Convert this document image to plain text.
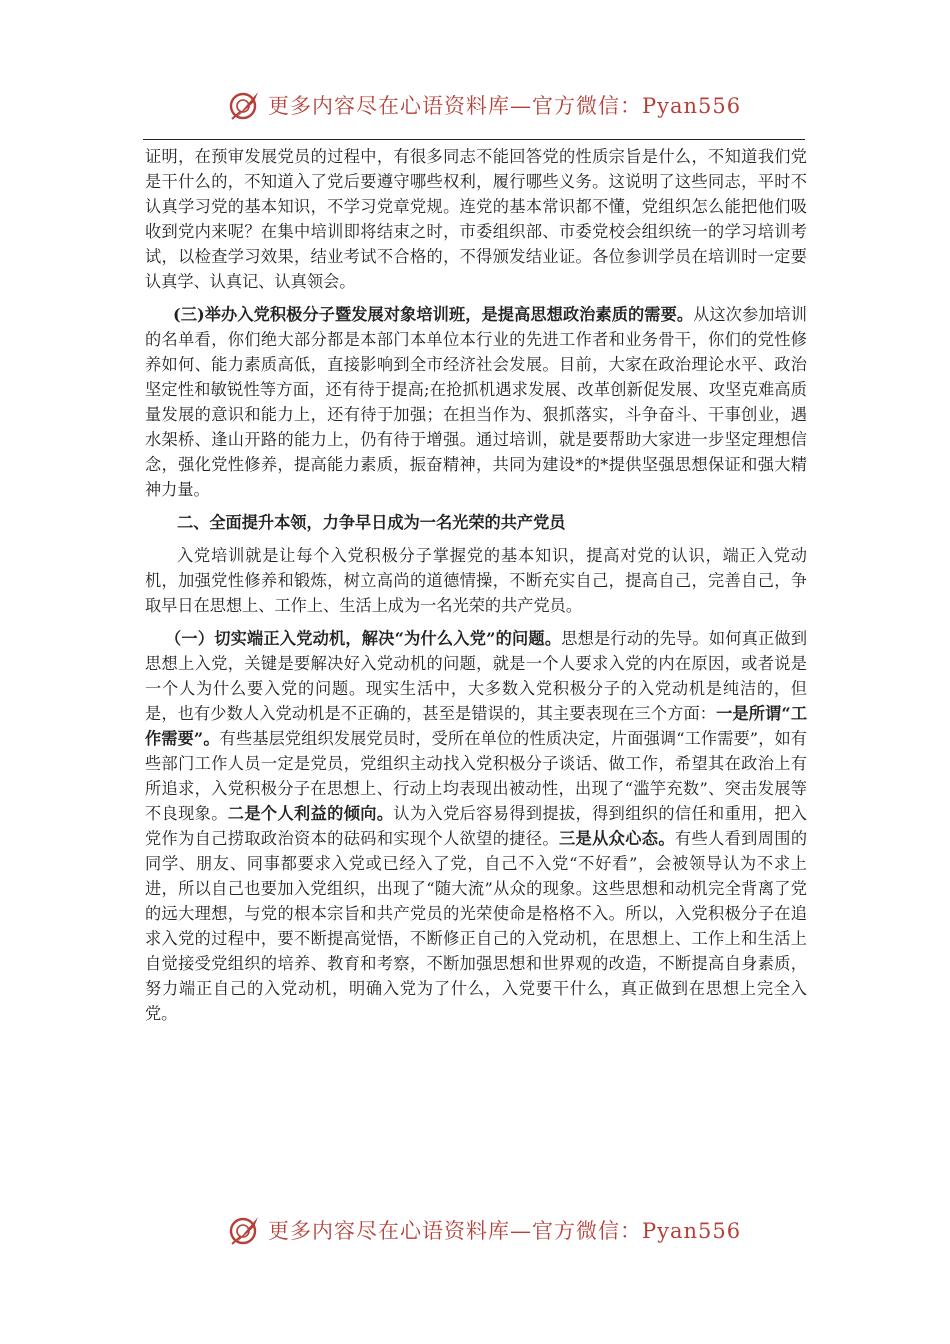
更多内容尽在心语资料库—官方微信：Pyan556

证明，在预审发展党员的过程中，有很多同志不能回答党的性质宗旨是什么，不知道我们党是干什么的，不知道入了党后要遵守哪些权利，履行哪些义务。这说明了这些同志，平时不认真学习党的基本知识，不学习党章党规。连党的基本常识都不懂，党组织怎么能把他们吸收到党内来呢？在集中培训即将结束之时，市委组织部、市委党校会组织统一的学习培训考试，以检查学习效果，结业考试不合格的，不得颁发结业证。各位参训学员在培训时一定要认真学、认真记、认真领会。

(三)举办入党积极分子暨发展对象培训班，是提高思想政治素质的需要。从这次参加培训的名单看，你们绝大部分都是本部门本单位本行业的先进工作者和业务骨干，你们的党性修养如何、能力素质高低，直接影响到全市经济社会发展。目前，大家在政治理论水平、政治坚定性和敏锐性等方面，还有待于提高;在抢抓机遇求发展、改革创新促发展、攻坚克难高质量发展的意识和能力上，还有待于加强；在担当作为、狠抓落实，斗争奋斗、干事创业，遇水架桥、逢山开路的能力上，仍有待于增强。通过培训，就是要帮助大家进一步坚定理想信念，强化党性修养，提高能力素质，振奋精神，共同为建设*的*提供坚强思想保证和强大精神力量。

二、全面提升本领，力争早日成为一名光荣的共产党员

入党培训就是让每个入党积极分子掌握党的基本知识，提高对党的认识，端正入党动机，加强党性修养和锻炼，树立高尚的道德情操，不断充实自己，提高自己，完善自己，争取早日在思想上、工作上、生活上成为一名光荣的共产党员。

（一）切实端正入党动机，解决“为什么入党”的问题。思想是行动的先导。如何真正做到思想上入党，关键是要解决好入党动机的问题，就是一个人要求入党的内在原因，或者说是一个人为什么要入党的问题。现实生活中，大多数入党积极分子的入党动机是纯洁的，但是，也有少数人入党动机是不正确的，甚至是错误的，其主要表现在三个方面：一是所谓“工作需要”。有些基层党组织发展党员时，受所在单位的性质决定，片面强调“工作需要”，如有些部门工作人员一定是党员，党组织主动找入党积极分子谈话、做工作，希望其在政治上有所追求，入党积极分子在思想上、行动上均表现出被动性，出现了“滥竽充数”、突击发展等不良现象。二是个人利益的倾向。认为入党后容易得到提拔，得到组织的信任和重用，把入党作为自己捞取政治资本的砝码和实现个人欲望的捷径。三是从众心态。有些人看到周围的同学、朋友、同事都要求入党或已经入了党，自己不入党“不好看”，会被领导认为不求上进，所以自己也要加入党组织，出现了“随大流”从众的现象。这些思想和动机完全背离了党的远大理想，与党的根本宗旨和共产党员的光荣使命是格格不入。所以，入党积极分子在追求入党的过程中，要不断提高觉悟，不断修正自己的入党动机，在思想上、工作上和生活上自觉接受党组织的培养、教育和考察，不断加强思想和世界观的改造，不断提高自身素质，努力端正自己的入党动机，明确入党为了什么，入党要干什么，真正做到在思想上完全入党。

更多内容尽在心语资料库—官方微信：Pyan556
